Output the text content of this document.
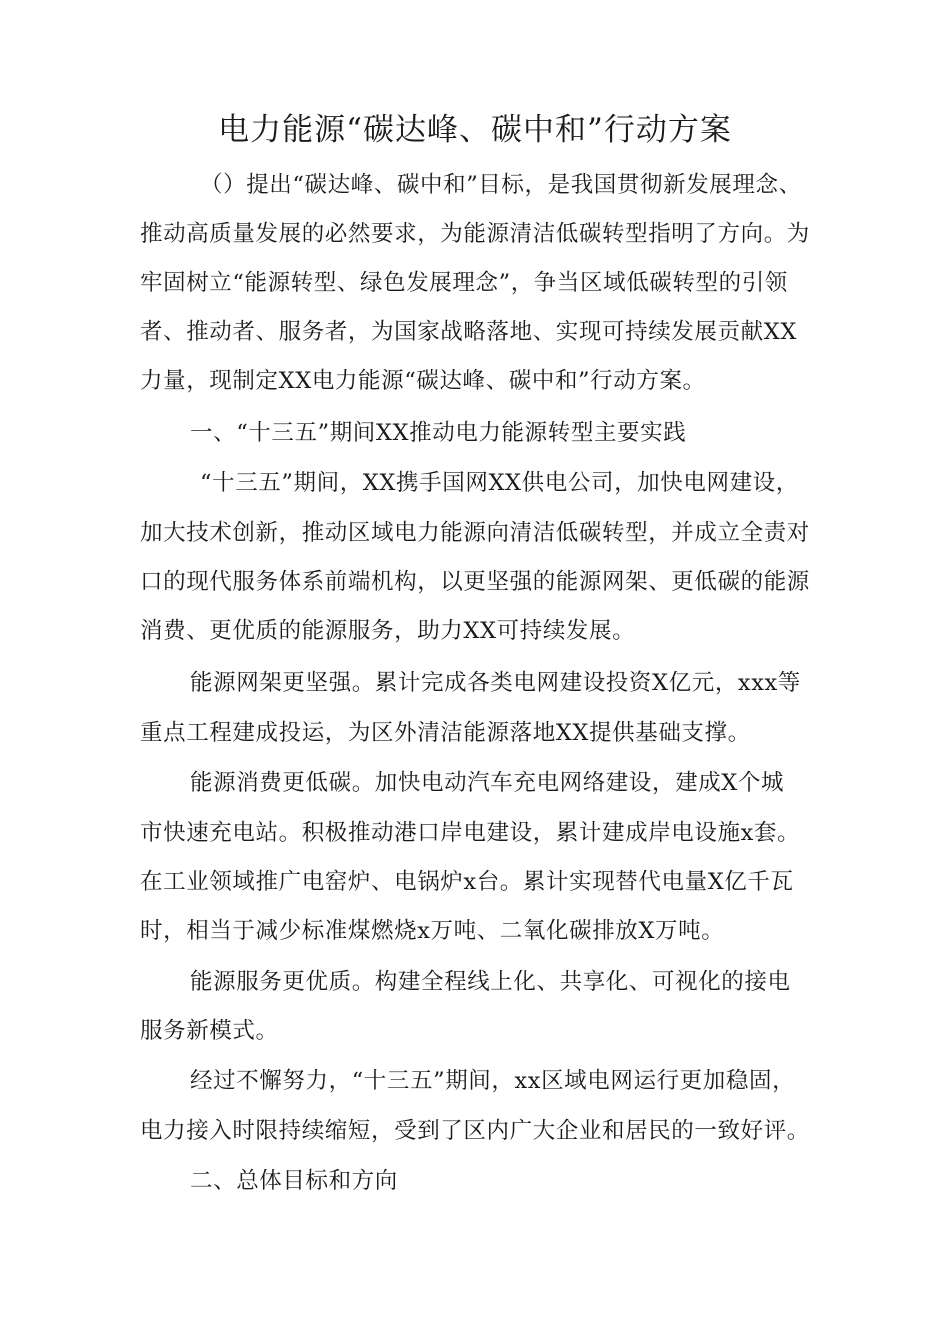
电力能源“碳达峰、碳中和”行动方案
（）提出“碳达峰、碳中和”目标，是我国贯彻新发展理念、
推动高质量发展的必然要求，为能源清洁低碳转型指明了方向。为
牢固树立“能源转型、绿色发展理念”，争当区域低碳转型的引领
者、推动者、服务者，为国家战略落地、实现可持续发展贡献XX
力量，现制定XX电力能源“碳达峰、碳中和”行动方案。
一、“十三五”期间XX推动电力能源转型主要实践
“十三五”期间，XX携手国网XX供电公司，加快电网建设，
加大技术创新，推动区域电力能源向清洁低碳转型，并成立全责对
口的现代服务体系前端机构，以更坚强的能源网架、更低碳的能源
消费、更优质的能源服务，助力XX可持续发展。
能源网架更坚强。累计完成各类电网建设投资X亿元，xxx等
重点工程建成投运，为区外清洁能源落地XX提供基础支撑。
能源消费更低碳。加快电动汽车充电网络建设，建成X个城
市快速充电站。积极推动港口岸电建设，累计建成岸电设施x套。
在工业领域推广电窑炉、电锅炉x台。累计实现替代电量X亿千瓦
时，相当于减少标准煤燃烧x万吨、二氧化碳排放X万吨。
能源服务更优质。构建全程线上化、共享化、可视化的接电
服务新模式。
经过不懈努力，“十三五”期间，xx区域电网运行更加稳固，
电力接入时限持续缩短，受到了区内广大企业和居民的一致好评。
二、总体目标和方向
